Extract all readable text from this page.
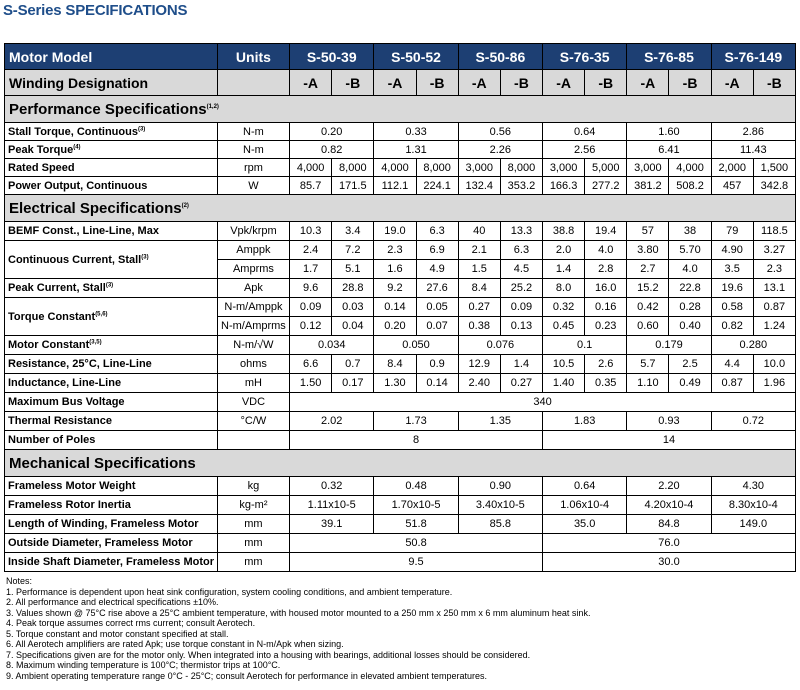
S-Series SPECIFICATIONS
Motor Model	Units	S-50-39		S-50-52		S-50-86		S-76-35		S-76-85		S-76-149	
Winding Designation		-A	-B	-A	-B	-A	-B	-A	-B	-A	-B	-A	-B
Performance Specifications$^{(1,2)}$
Stall Torque, Continuous$^{(3)}$	N-m	0.20		0.33		0.56		0.64		1.60		2.86	
Peak Torque$^{(4)}$	N-m	0.82		1.31		2.26		2.56		6.41		11.43	
Rated Speed	rpm	4,000	8,000	4,000	8,000	3,000	8,000	3,000	5,000	3,000	4,000	2,000	1,500
Power Output, Continuous	W	85.7	171.5	112.1	224.1	132.4	353.2	166.3	277.2	381.2	508.2	457	342.8
Electrical Specifications$^{(2)}$
BEMF Const., Line-Line, Max	Vpk/krpm	10.3	3.4	19.0	6.3	40	13.3	38.8	19.4	57	38	79	118.5
Continuous Current, Stall$^{(3)}$	Amppk	2.4	7.2	2.3	6.9	2.1	6.3	2.0	4.0	3.80	5.70	4.90	3.27
	Amprms	1.7	5.1	1.6	4.9	1.5	4.5	1.4	2.8	2.7	4.0	3.5	2.3
Peak Current, Stall$^{(3)}$	Apk	9.6	28.8	9.2	27.6	8.4	25.2	8.0	16.0	15.2	22.8	19.6	13.1
Torque Constant$^{(5,6)}$	N-m/Amppk	0.09	0.03	0.14	0.05	0.27	0.09	0.32	0.16	0.42	0.28	0.58	0.87
	N-m/Amprms	0.12	0.04	0.20	0.07	0.38	0.13	0.45	0.23	0.60	0.40	0.82	1.24
Motor Constant$^{(3,5)}$	N-m/√W	0.034		0.050		0.076		0.1		0.179		0.280	
Resistance, 25°C, Line-Line	ohms	6.6	0.7	8.4	0.9	12.9	1.4	10.5	2.6	5.7	2.5	4.4	10.0
Inductance, Line-Line	mH	1.50	0.17	1.30	0.14	2.40	0.27	1.40	0.35	1.10	0.49	0.87	1.96
Maximum Bus Voltage	VDC	340											
Thermal Resistance	°C/W	2.02		1.73		1.35		1.83		0.93		0.72	
Number of Poles		8						14					
Mechanical Specifications													
Frameless Motor Weight	kg	0.32		0.48		0.90		0.64		2.20		4.30	
Frameless Rotor Inertia	kg-m²	1.11x10-5		1.70x10-5		3.40x10-5		1.06x10-4		4.20x10-4		8.30x10-4	
Length of Winding, Frameless Motor	mm	39.1		51.8		85.8		35.0		84.8		149.0	
Outside Diameter, Frameless Motor	mm	50.8						76.0					
Inside Shaft Diameter, Frameless Motor	mm	9.5						30.0					
Notes:
1. Performance is dependent upon heat sink configuration, system cooling conditions, and ambient temperature.
2. All performance and electrical specifications ±10%.
3. Values shown @ 75°C rise above a 25°C ambient temperature, with housed motor mounted to a 250 mm x 250 mm x 6 mm aluminum heat sink.
4. Peak torque assumes correct rms current; consult Aerotech.
5. Torque constant and motor constant specified at stall.
6. All Aerotech amplifiers are rated Apk; use torque constant in N-m/Apk when sizing.
7. Specifications given are for the motor only. When integrated into a housing with bearings, additional losses should be considered.
8. Maximum winding temperature is 100°C; thermistor trips at 100°C.
9. Ambient operating temperature range 0°C - 25°C; consult Aerotech for performance in elevated ambient temperatures.
